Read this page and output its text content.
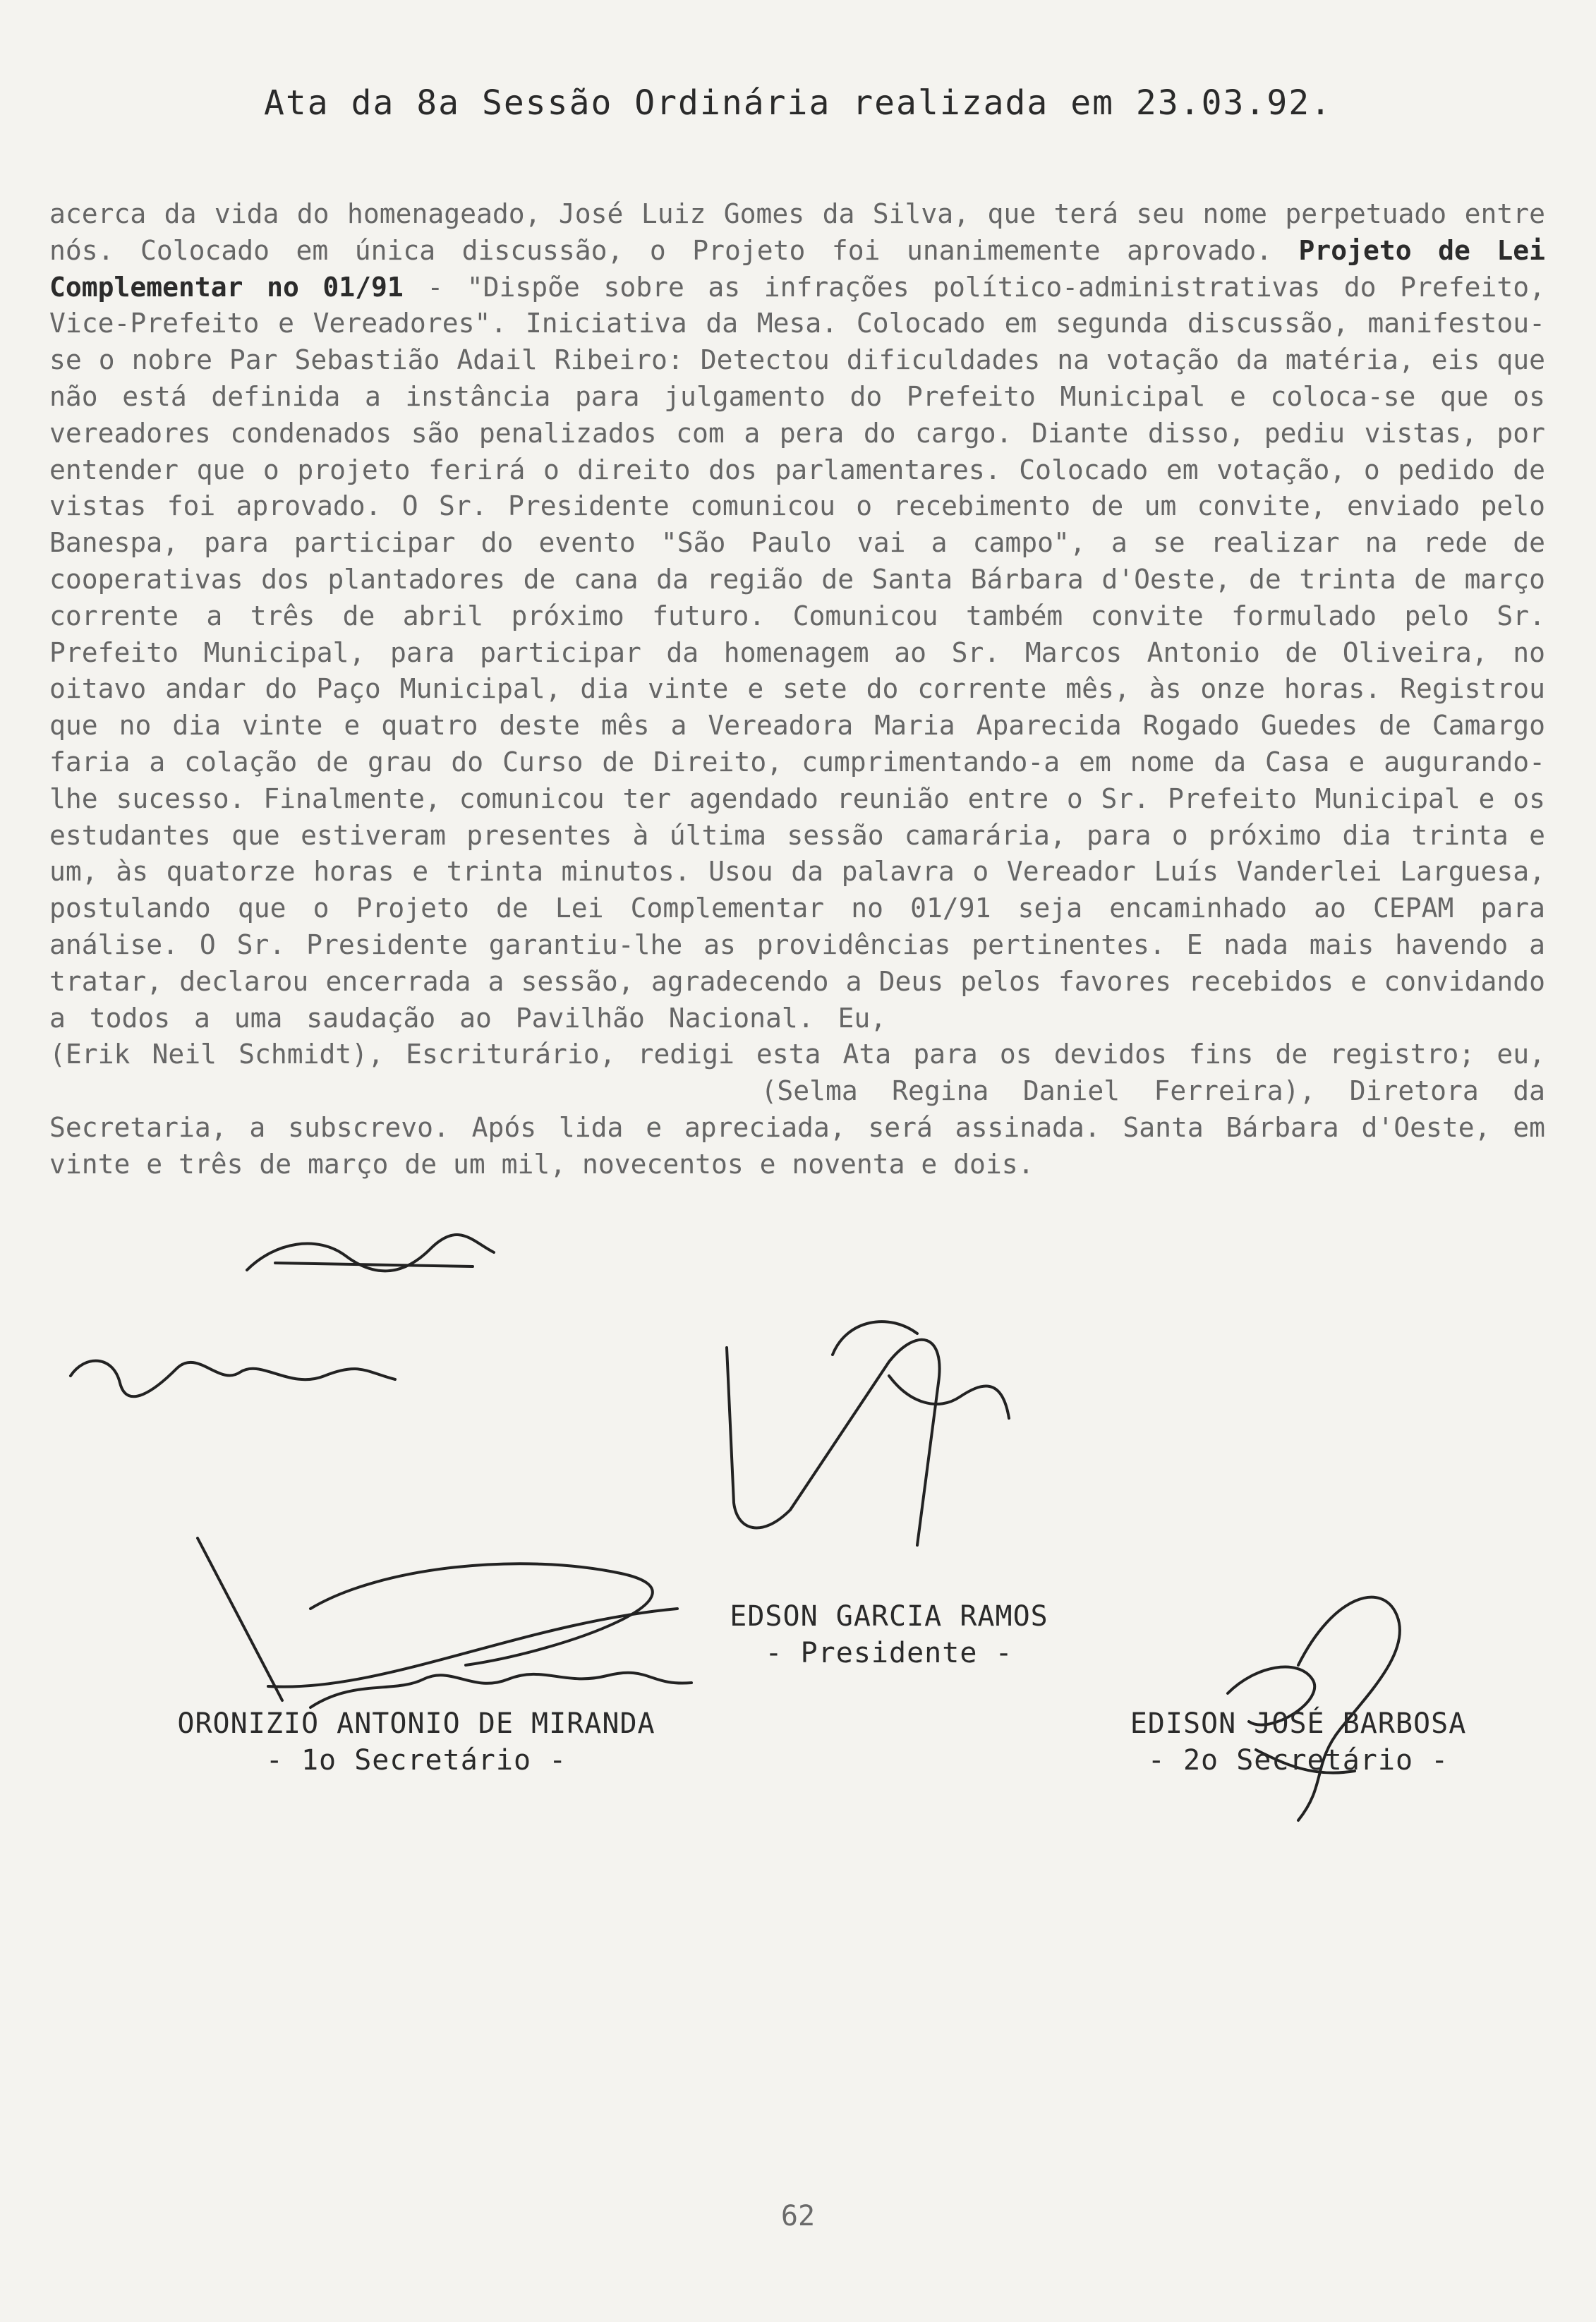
Ata da 8a Sessão Ordinária realizada em 23.03.92.

acerca da vida do homenageado, José Luiz Gomes da Silva, que terá seu nome perpetuado entre nós. Colocado em única discussão, o Projeto foi unanimemente aprovado. Projeto de Lei Complementar no 01/91 - "Dispõe sobre as infrações político-administrativas do Prefeito, Vice-Prefeito e Vereadores". Iniciativa da Mesa. Colocado em segunda discussão, manifestou-se o nobre Par Sebastião Adail Ribeiro: Detectou dificuldades na votação da matéria, eis que não está definida a instância para julgamento do Prefeito Municipal e coloca-se que os vereadores condenados são penalizados com a pera do cargo. Diante disso, pediu vistas, por entender que o projeto ferirá o direito dos parlamentares. Colocado em votação, o pedido de vistas foi aprovado. O Sr. Presidente comunicou o recebimento de um convite, enviado pelo Banespa, para participar do evento "São Paulo vai a campo", a se realizar na rede de cooperativas dos plantadores de cana da região de Santa Bárbara d'Oeste, de trinta de março corrente a três de abril próximo futuro. Comunicou também convite formulado pelo Sr. Prefeito Municipal, para participar da homenagem ao Sr. Marcos Antonio de Oliveira, no oitavo andar do Paço Municipal, dia vinte e sete do corrente mês, às onze horas. Registrou que no dia vinte e quatro deste mês a Vereadora Maria Aparecida Rogado Guedes de Camargo faria a colação de grau do Curso de Direito, cumprimentando-a em nome da Casa e augurando-lhe sucesso. Finalmente, comunicou ter agendado reunião entre o Sr. Prefeito Municipal e os estudantes que estiveram presentes à última sessão camarária, para o próximo dia trinta e um, às quatorze horas e trinta minutos. Usou da palavra o Vereador Luís Vanderlei Larguesa, postulando que o Projeto de Lei Complementar no 01/91 seja encaminhado ao CEPAM para análise. O Sr. Presidente garantiu-lhe as providências pertinentes. E nada mais havendo a tratar, declarou encerrada a sessão, agradecendo a Deus pelos favores recebidos e convidando a todos a uma saudação ao Pavilhão Nacional. Eu,  (Erik Neil Schmidt), Escriturário, redigi esta Ata para os devidos fins de registro; eu,  (Selma Regina Daniel Ferreira), Diretora da Secretaria, a subscrevo. Após lida e apreciada, será assinada. Santa Bárbara d'Oeste, em vinte e três de março de um mil, novecentos e noventa e dois.

EDSON GARCIA RAMOS
- Presidente -
ORONIZIO ANTONIO DE MIRANDA
- 1o Secretário -
EDISON JOSÉ BARBOSA
- 2o Secretário -
62
